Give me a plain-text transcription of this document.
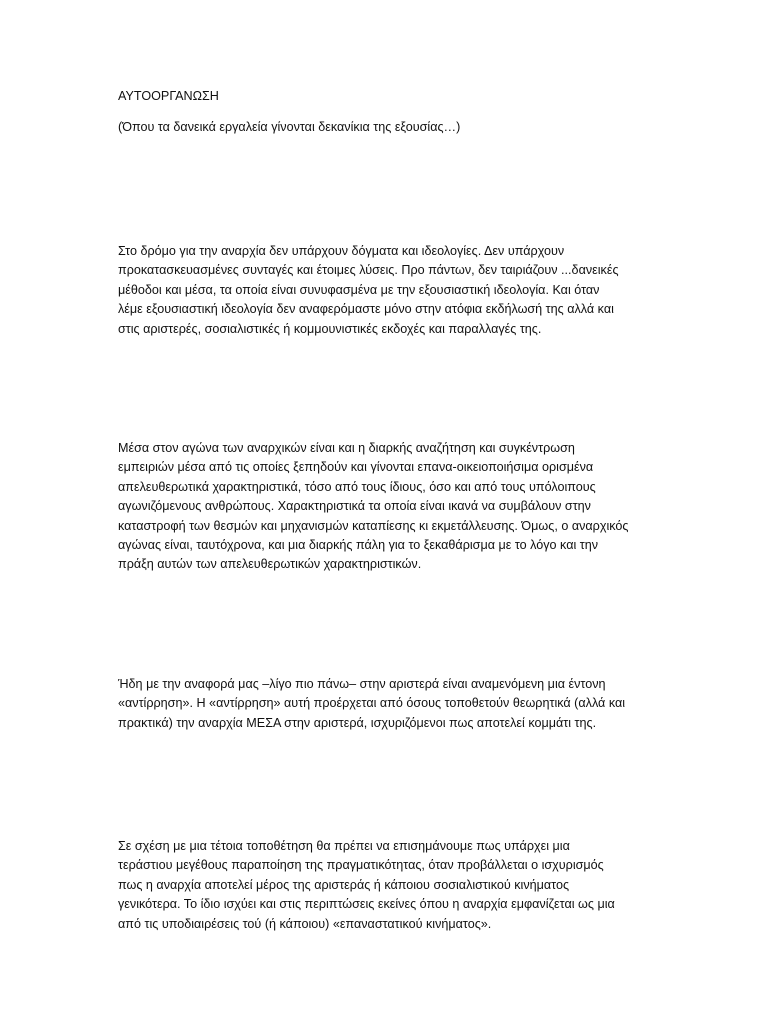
ΑΥΤΟΟΡΓΑΝΩΣΗ

(Όπου τα δανεικά εργαλεία γίνονται δεκανίκια της εξουσίας…)

Στο δρόμο για την αναρχία δεν υπάρχουν δόγματα και ιδεολογίες. Δεν υπάρχουν
προκατασκευασμένες συνταγές και έτοιμες λύσεις. Προ πάντων, δεν ταιριάζουν ...δανεικές
μέθοδοι και μέσα, τα οποία είναι συνυφασμένα με την εξουσιαστική ιδεολογία. Και όταν
λέμε εξουσιαστική ιδεολογία δεν αναφερόμαστε μόνο στην ατόφια εκδήλωσή της αλλά και
στις αριστερές, σοσιαλιστικές ή κομμουνιστικές εκδοχές και παραλλαγές της.

Μέσα στον αγώνα των αναρχικών είναι και η διαρκής αναζήτηση και συγκέντρωση
εμπειριών μέσα από τις οποίες ξεπηδούν και γίνονται επανα-οικειοποιήσιμα ορισμένα
απελευθερωτικά χαρακτηριστικά, τόσο από τους ίδιους, όσο και από τους υπόλοιπους
αγωνιζόμενους ανθρώπους. Χαρακτηριστικά τα οποία είναι ικανά να συμβάλουν στην
καταστροφή των θεσμών και μηχανισμών καταπίεσης κι εκμετάλλευσης. Όμως, ο αναρχικός
αγώνας είναι, ταυτόχρονα, και μια διαρκής πάλη για το ξεκαθάρισμα με το λόγο και την
πράξη αυτών των απελευθερωτικών χαρακτηριστικών.

Ήδη με την αναφορά μας –λίγο πιο πάνω– στην αριστερά είναι αναμενόμενη μια έντονη
«αντίρρηση». Η «αντίρρηση» αυτή προέρχεται από όσους τοποθετούν θεωρητικά (αλλά και
πρακτικά) την αναρχία ΜΕΣΑ στην αριστερά, ισχυριζόμενοι πως αποτελεί κομμάτι της.

Σε σχέση με μια τέτοια τοποθέτηση θα πρέπει να επισημάνουμε πως υπάρχει μια
τεράστιου μεγέθους παραποίηση της πραγματικότητας, όταν προβάλλεται ο ισχυρισμός
πως η αναρχία αποτελεί μέρος της αριστεράς ή κάποιου σοσιαλιστικού κινήματος
γενικότερα. Το ίδιο ισχύει και στις περιπτώσεις εκείνες όπου η αναρχία εμφανίζεται ως μια
από τις υποδιαιρέσεις τού (ή κάποιου) «επαναστατικού κινήματος».
